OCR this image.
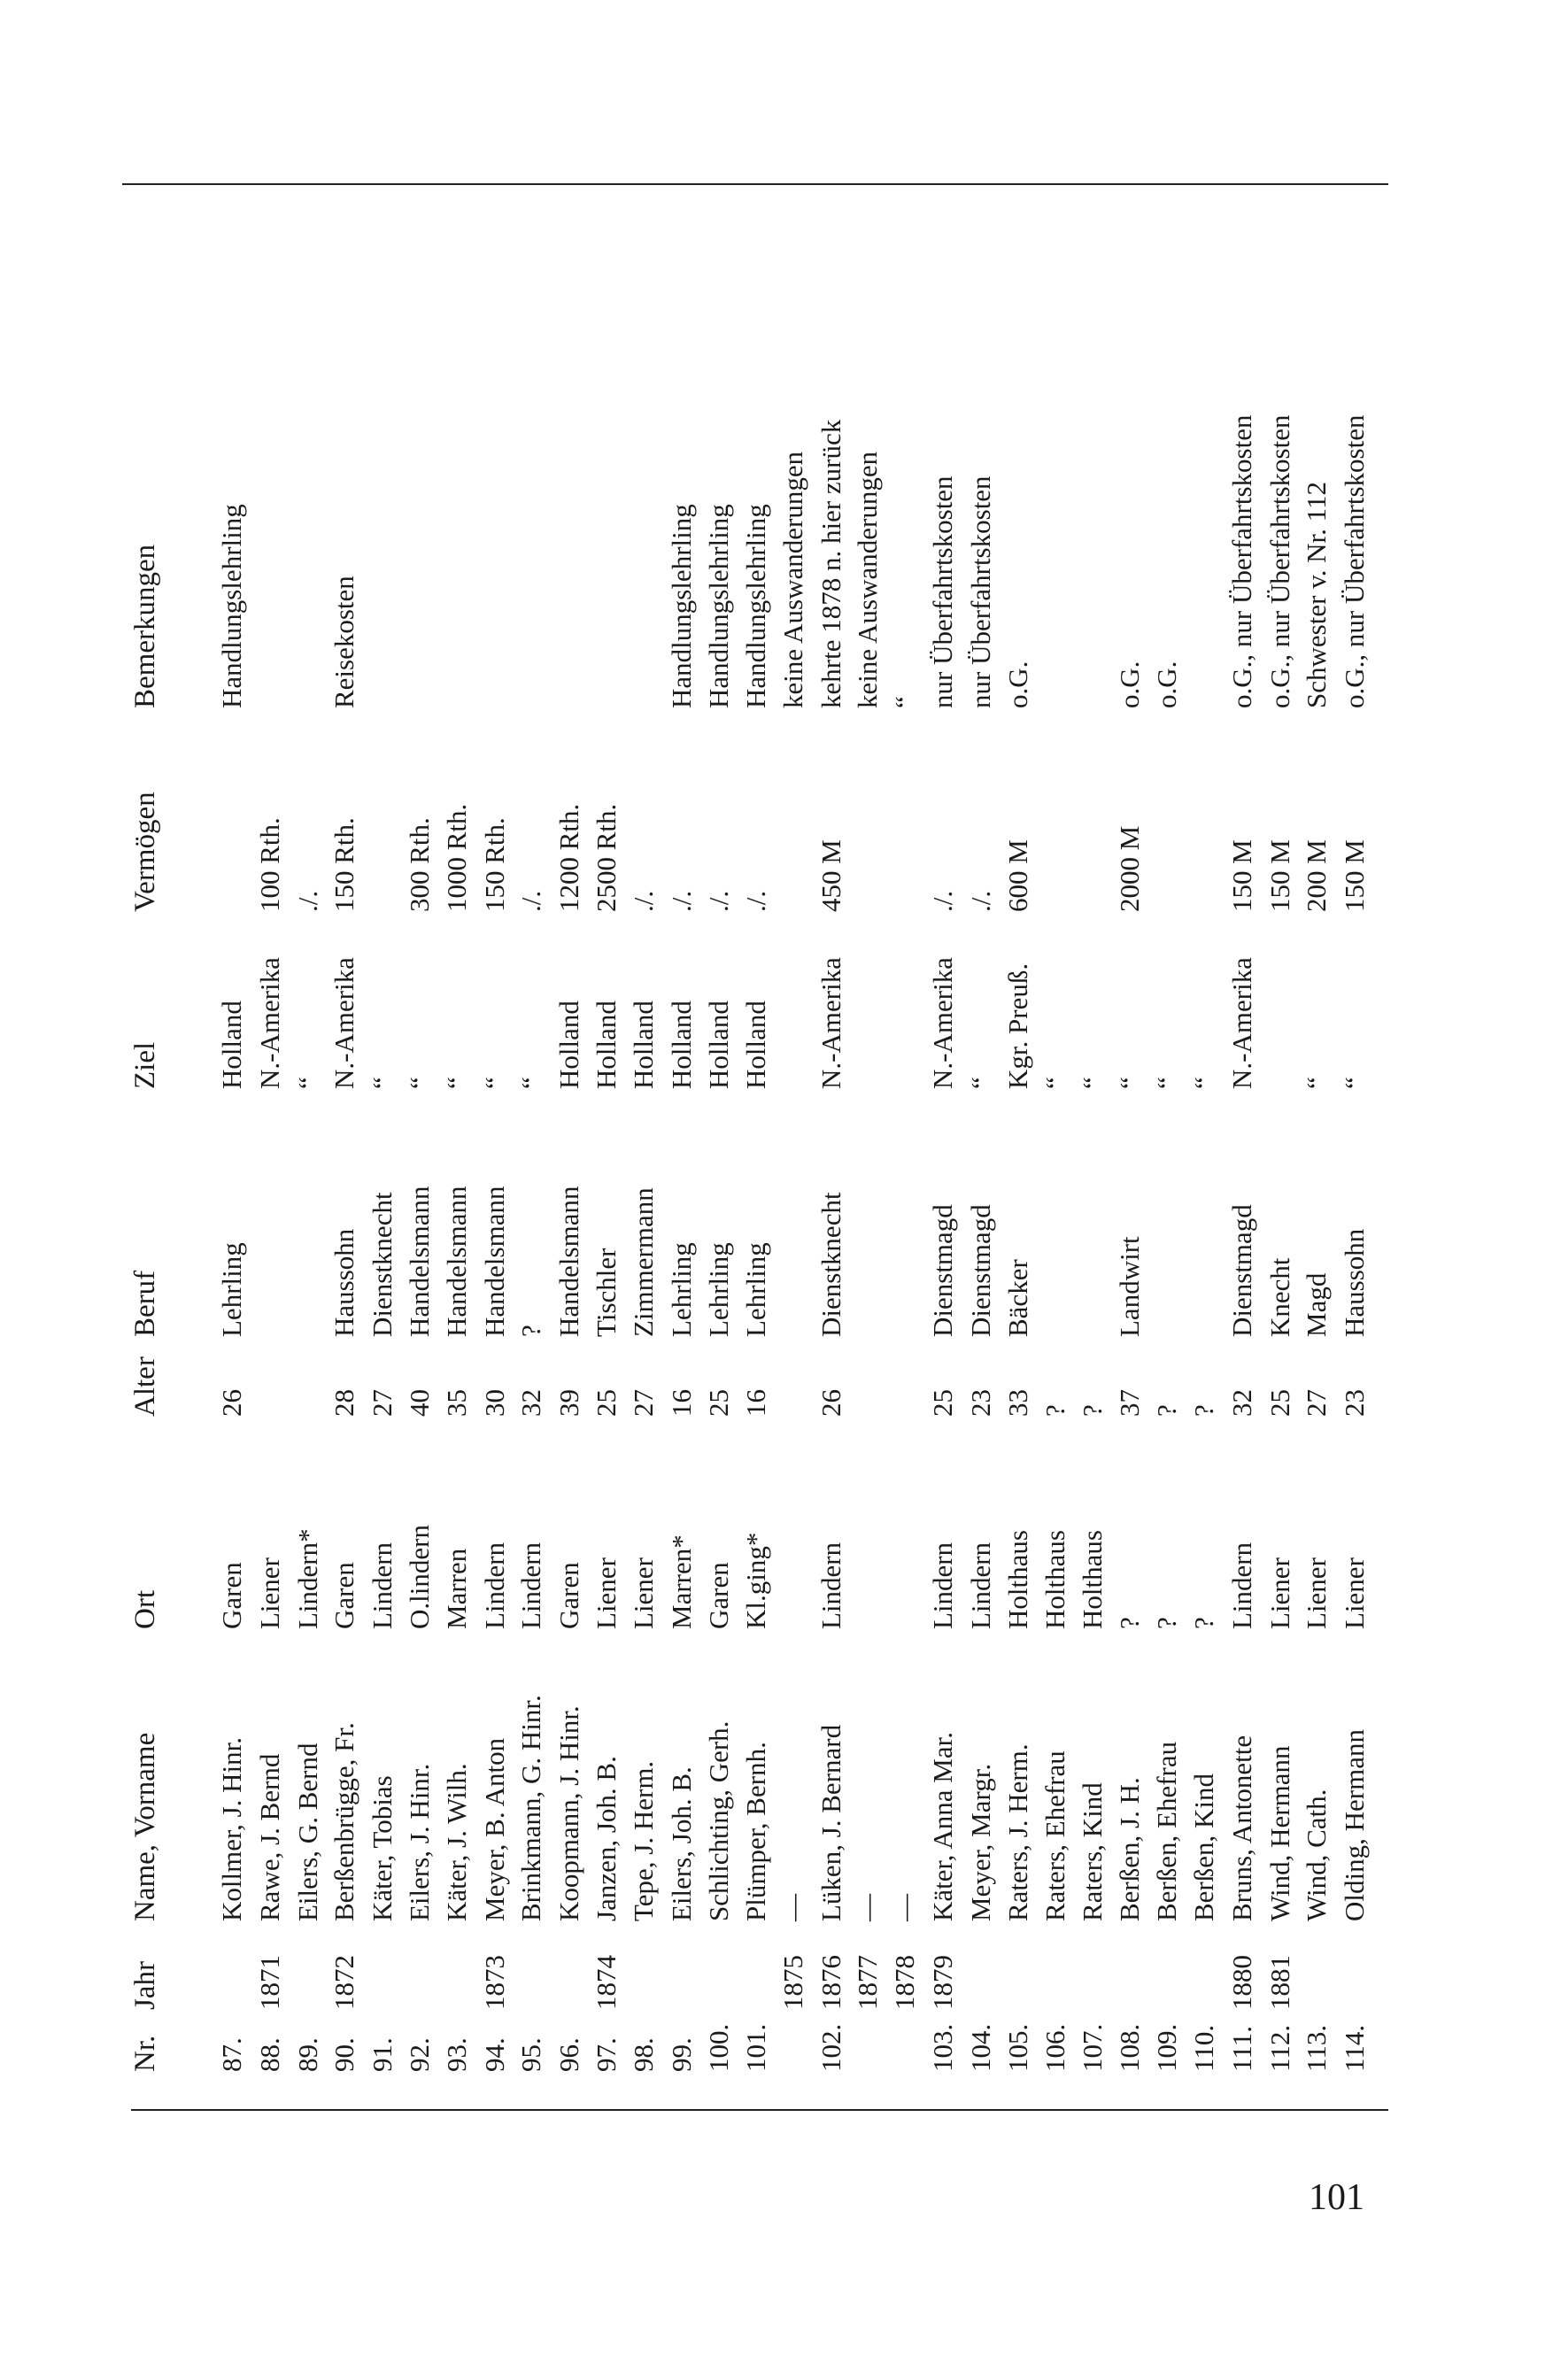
Nr.
Jahr
Name, Vorname
Ort
Alter
Beruf
Ziel
Vermögen
Bemerkungen
87.
Kollmer, J. Hinr.
Garen
26
Lehrling
Holland
Handlungslehrling
88.
1871
Rawe, J. Bernd
Liener
N.-Amerika
100 Rth.
89.
Eilers, G. Bernd
Lindern*
“
./.
90.
1872
Berßenbrügge, Fr.
Garen
28
Haussohn
N.-Amerika
150 Rth.
Reisekosten
91.
Käter, Tobias
Lindern
27
Dienstknecht
“
92.
Eilers, J. Hinr.
O.lindern
40
Handelsmann
“
300 Rth.
93.
Käter, J. Wilh.
Marren
35
Handelsmann
“
1000 Rth.
94.
1873
Meyer, B. Anton
Lindern
30
Handelsmann
“
150 Rth.
95.
Brinkmann, G. Hinr.
Lindern
32
?
“
./.
96.
Koopmann, J. Hinr.
Garen
39
Handelsmann
Holland
1200 Rth.
97.
1874
Janzen, Joh. B.
Liener
25
Tischler
Holland
2500 Rth.
98.
Tepe, J. Herm.
Liener
27
Zimmermann
Holland
./.
99.
Eilers, Joh. B.
Marren*
16
Lehrling
Holland
./.
Handlungslehrling
100.
Schlichting, Gerh.
Garen
25
Lehrling
Holland
./.
Handlungslehrling
101.
Plümper, Bernh.
Kl.ging*
16
Lehrling
Holland
./.
Handlungslehrling
1875
—
keine Auswanderungen
102.
1876
Lüken, J. Bernard
Lindern
26
Dienstknecht
N.-Amerika
450 M
kehrte 1878 n. hier zurück
1877
—
keine Auswanderungen
1878
—
“
103.
1879
Käter, Anna Mar.
Lindern
25
Dienstmagd
N.-Amerika
./.
nur Überfahrtskosten
104.
Meyer, Margr.
Lindern
23
Dienstmagd
“
./.
nur Überfahrtskosten
105.
Raters, J. Herm.
Holthaus
33
Bäcker
Kgr. Preuß.
600 M
o.G.
106.
Raters, Ehefrau
Holthaus
?
“
107.
Raters, Kind
Holthaus
?
“
108.
Berßen, J. H.
?
37
Landwirt
“
2000 M
o.G.
109.
Berßen, Ehefrau
?
?
“
o.G.
110.
Berßen, Kind
?
?
“
111.
1880
Bruns, Antonette
Lindern
32
Dienstmagd
N.-Amerika
150 M
o.G., nur Überfahrtskosten
112.
1881
Wind, Hermann
Liener
25
Knecht
150 M
o.G., nur Überfahrtskosten
113.
Wind, Cath.
Liener
27
Magd
“
200 M
Schwester v. Nr. 112
114.
Olding, Hermann
Liener
23
Haussohn
“
150 M
o.G., nur Überfahrtskosten
101
